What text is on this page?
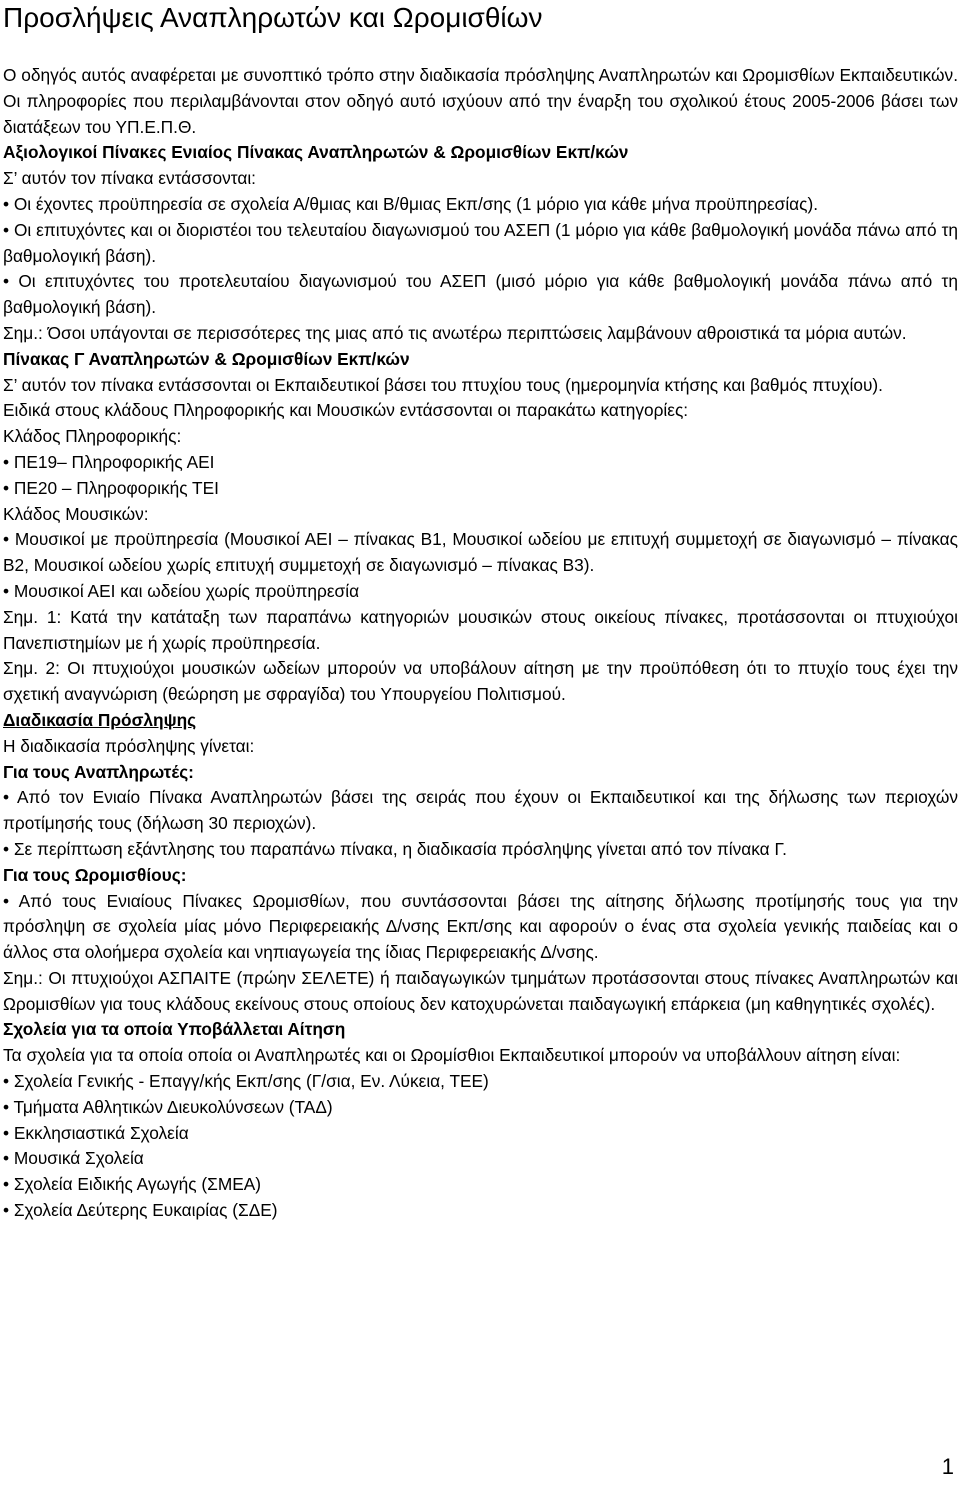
Προσλήψεις Αναπληρωτών και Ωρομισθίων

Ο οδηγός αυτός αναφέρεται με συνοπτικό τρόπο στην διαδικασία πρόσληψης Αναπληρωτών και Ωρομισθίων Εκπαιδευτικών. Οι πληροφορίες που περιλαμβάνονται στον οδηγό αυτό ισχύουν από την έναρξη του σχολικού έτους 2005-2006 βάσει των διατάξεων του ΥΠ.Ε.Π.Θ.

Αξιολογικοί Πίνακες Ενιαίος Πίνακας Αναπληρωτών & Ωρομισθίων Εκπ/κών

Σ’ αυτόν τον πίνακα εντάσσονται:

• Οι έχοντες προϋπηρεσία σε σχολεία Α/θμιας και Β/θμιας Εκπ/σης (1 μόριο για κάθε μήνα προϋπηρεσίας).

• Οι επιτυχόντες και οι διοριστέοι του τελευταίου διαγωνισμού του ΑΣΕΠ (1 μόριο για κάθε βαθμολογική μονάδα πάνω από τη βαθμολογική βάση).

• Οι επιτυχόντες του προτελευταίου διαγωνισμού του ΑΣΕΠ (μισό μόριο για κάθε βαθμολογική μονάδα πάνω από τη βαθμολογική βάση).

Σημ.: Όσοι υπάγονται σε περισσότερες της μιας από τις ανωτέρω περιπτώσεις λαμβάνουν αθροιστικά τα μόρια αυτών.

Πίνακας Γ Αναπληρωτών & Ωρομισθίων Εκπ/κών

Σ’ αυτόν τον πίνακα εντάσσονται οι Εκπαιδευτικοί βάσει του πτυχίου τους (ημερομηνία κτήσης και βαθμός πτυχίου).

Ειδικά στους κλάδους Πληροφορικής και Μουσικών εντάσσονται οι παρακάτω κατηγορίες:

Κλάδος Πληροφορικής:

• ΠΕ19– Πληροφορικής ΑΕΙ

• ΠΕ20 – Πληροφορικής ΤΕΙ

Κλάδος Μουσικών:

• Μουσικοί με προϋπηρεσία (Μουσικοί ΑΕΙ – πίνακας Β1, Μουσικοί ωδείου με επιτυχή συμμετοχή σε διαγωνισμό – πίνακας Β2, Μουσικοί ωδείου χωρίς επιτυχή συμμετοχή σε διαγωνισμό – πίνακας Β3).

• Μουσικοί ΑΕΙ και ωδείου χωρίς προϋπηρεσία

Σημ. 1: Κατά την κατάταξη των παραπάνω κατηγοριών μουσικών στους οικείους πίνακες, προτάσσονται οι πτυχιούχοι Πανεπιστημίων με ή χωρίς προϋπηρεσία.

Σημ. 2: Οι πτυχιούχοι μουσικών ωδείων μπορούν να υποβάλουν αίτηση με την προϋπόθεση ότι το πτυχίο τους έχει την σχετική αναγνώριση (θεώρηση με σφραγίδα) του Υπουργείου Πολιτισμού.

Διαδικασία Πρόσληψης

Η διαδικασία πρόσληψης γίνεται:

Για τους Αναπληρωτές:

• Από τον Ενιαίο Πίνακα Αναπληρωτών βάσει της σειράς που έχουν οι Εκπαιδευτικοί και της δήλωσης των περιοχών προτίμησής τους (δήλωση 30 περιοχών).

• Σε περίπτωση εξάντλησης του παραπάνω πίνακα, η διαδικασία πρόσληψης γίνεται από τον πίνακα Γ.

Για τους Ωρομισθίους:

• Από τους Ενιαίους Πίνακες Ωρομισθίων, που συντάσσονται βάσει της αίτησης δήλωσης προτίμησής τους για την πρόσληψη σε σχολεία μίας μόνο Περιφερειακής Δ/νσης Εκπ/σης και αφορούν ο ένας στα σχολεία γενικής παιδείας και ο άλλος στα ολοήμερα σχολεία και νηπιαγωγεία της ίδιας Περιφερειακής Δ/νσης.

Σημ.: Οι πτυχιούχοι ΑΣΠΑΙΤΕ (πρώην ΣΕΛΕΤΕ) ή παιδαγωγικών τμημάτων προτάσσονται στους πίνακες Αναπληρωτών και Ωρομισθίων για τους κλάδους εκείνους στους οποίους δεν κατοχυρώνεται παιδαγωγική επάρκεια (μη καθηγητικές σχολές).

Σχολεία για τα οποία Υποβάλλεται Αίτηση

Τα σχολεία για τα οποία οποία οι Αναπληρωτές και οι Ωρομίσθιοι Εκπαιδευτικοί μπορούν να υποβάλλουν αίτηση είναι:

• Σχολεία Γενικής - Επαγγ/κής Εκπ/σης (Γ/σια, Εν. Λύκεια, ΤΕΕ)

• Τμήματα Αθλητικών Διευκολύνσεων (ΤΑΔ)

• Εκκλησιαστικά Σχολεία

• Μουσικά Σχολεία

• Σχολεία Ειδικής Αγωγής (ΣΜΕΑ)

• Σχολεία Δεύτερης Ευκαιρίας (ΣΔΕ)

1
